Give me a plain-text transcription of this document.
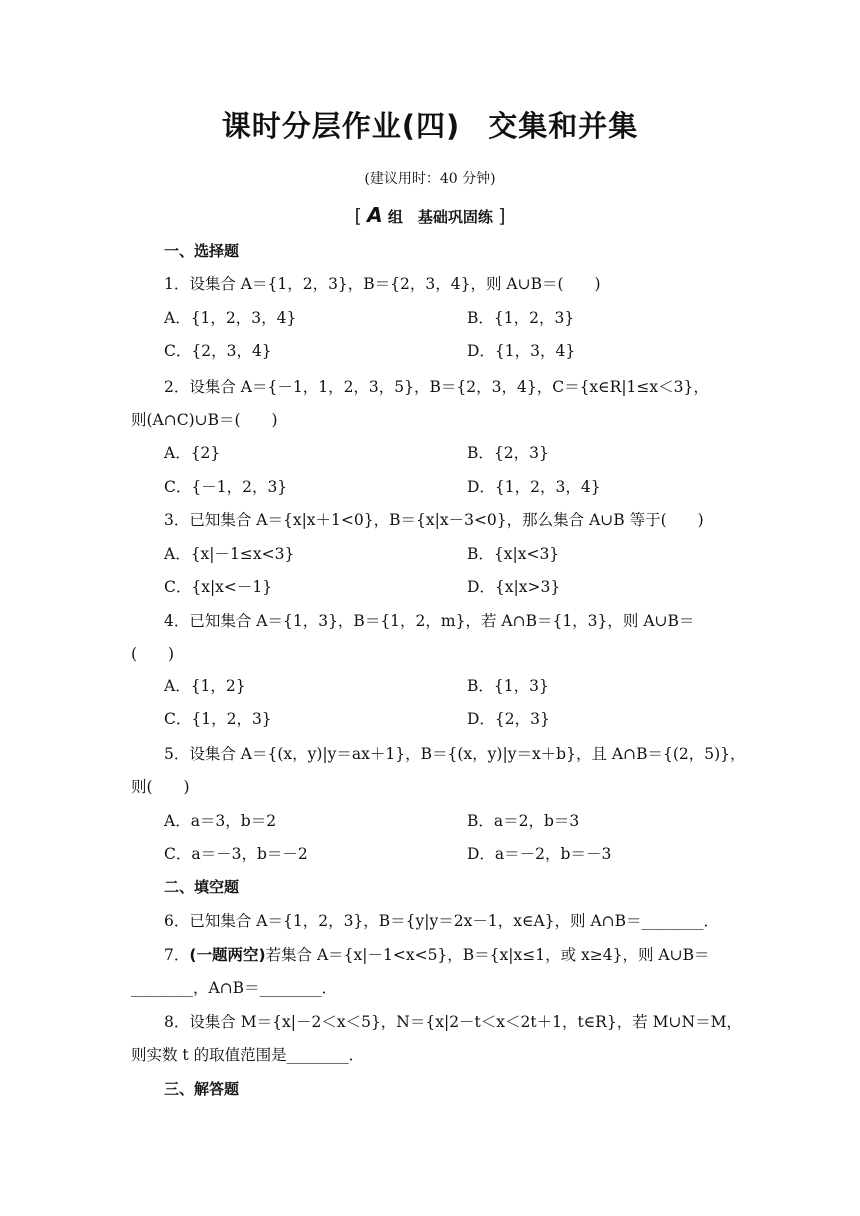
课时分层作业(四) 交集和并集
(建议用时：40 分钟)
[ A 组　基础巩固练 ]
一、选择题
1．设集合 A＝{1，2，3}，B＝{2，3，4}，则 A∪B＝(　　)
A．{1，2，3，4}	B．{1，2，3}
C．{2，3，4}	D．{1，3，4}
2．设集合 A＝{－1，1，2，3，5}，B＝{2，3，4}，C＝{x∈R|1≤x＜3}，
则(A∩C)∪B＝(　　)
A．{2}	B．{2，3}
C．{－1，2，3}	D．{1，2，3，4}
3．已知集合 A＝{x|x＋1<0}，B＝{x|x－3<0}，那么集合 A∪B 等于(　　)
A．{x|－1≤x<3}	B．{x|x<3}
C．{x|x<－1}	D．{x|x>3}
4．已知集合 A＝{1，3}，B＝{1，2，m}，若 A∩B＝{1，3}，则 A∪B＝
(　　)
A．{1，2}	B．{1，3}
C．{1，2，3}	D．{2，3}
5．设集合 A＝{(x，y)|y＝ax＋1}，B＝{(x，y)|y＝x＋b}，且 A∩B＝{(2，5)}，
则(　　)
A．a＝3，b＝2	B．a＝2，b＝3
C．a＝－3，b＝－2	D．a＝－2，b＝－3
二、填空题
6．已知集合 A＝{1，2，3}，B＝{y|y＝2x－1，x∈A}，则 A∩B＝________．
7．(一题两空)若集合 A＝{x|－1<x<5}，B＝{x|x≤1，或 x≥4}，则 A∪B＝
________，A∩B＝________．
8．设集合 M＝{x|－2＜x＜5}，N＝{x|2－t＜x＜2t＋1，t∈R}，若 M∪N＝M，
则实数 t 的取值范围是________．
三、解答题
